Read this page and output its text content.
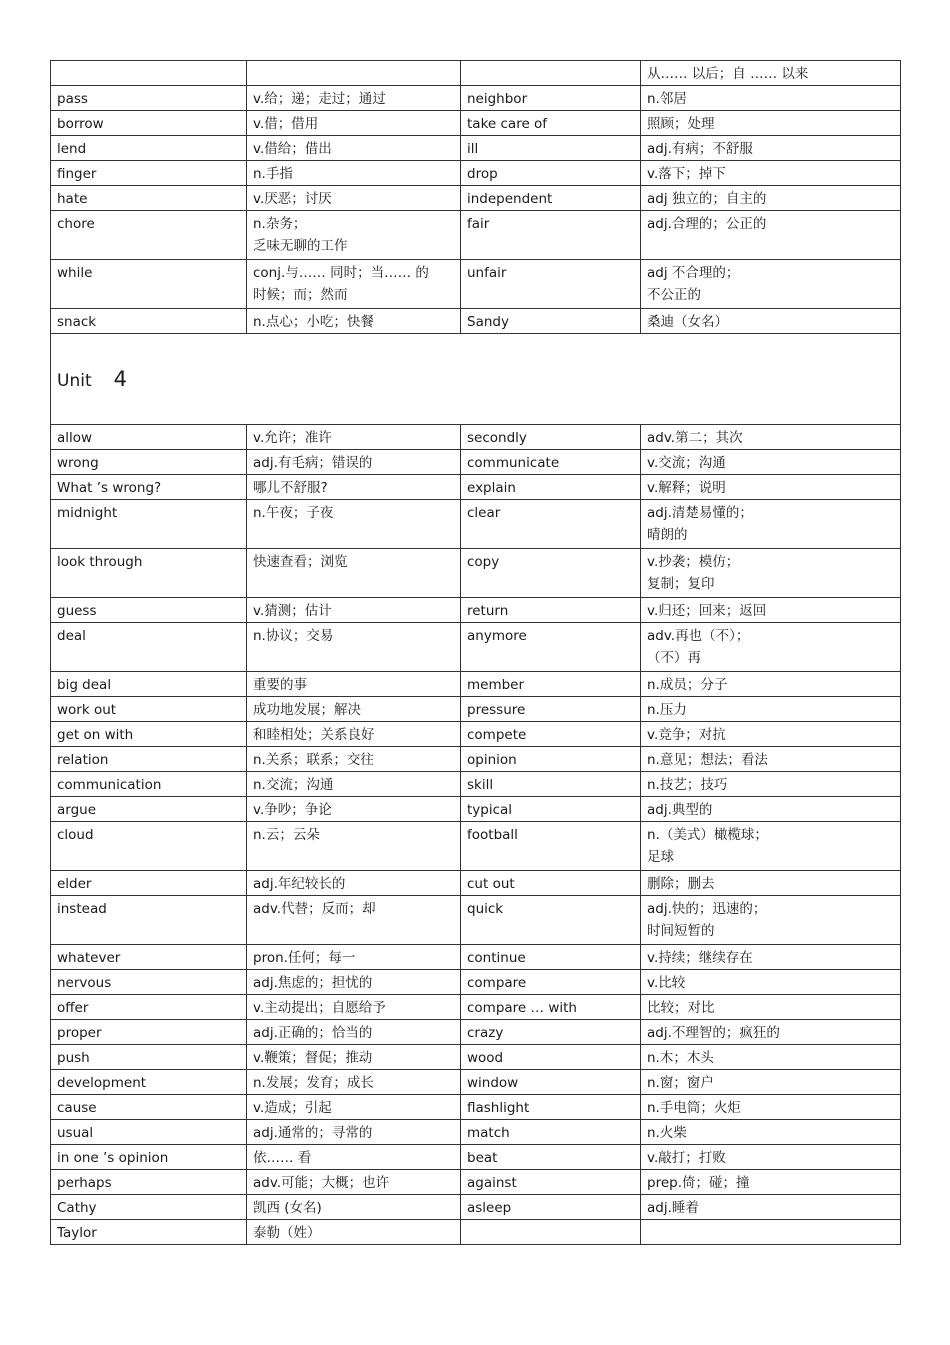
			从…… 以后；自 …… 以来

pass	v.给；递；走过；通过	neighbor	n.邻居

borrow	v.借；借用	take care of	照顾；处理

lend	v.借给；借出	ill	adj.有病；不舒服

finger	n.手指	drop	v.落下；掉下

hate	v.厌恶；讨厌	independent	adj 独立的；自主的

chore	n.杂务；
乏味无聊的工作	fair	adj.合理的；公正的

while	conj.与…… 同时；当…… 的
时候；而；然而	unfair	adj 不合理的；
不公正的

snack	n.点心；小吃；快餐	Sandy	桑迪（女名）

Unit 4			
allow	v.允许；准许	secondly	adv.第二；其次

wrong	adj.有毛病；错误的	communicate	v.交流；沟通

What ’s wrong?	哪儿不舒服?	explain	v.解释；说明

midnight	n.午夜；子夜	clear	adj.清楚易懂的；
晴朗的

look through	快速查看；浏览	copy	v.抄袭；模仿；
复制；复印

guess	v.猜测；估计	return	v.归还；回来；返回

deal	n.协议；交易	anymore	adv.再也（不）；
（不）再

big deal	重要的事	member	n.成员；分子

work out	成功地发展；解决	pressure	n.压力

get on with	和睦相处；关系良好	compete	v.竞争；对抗

relation	n.关系；联系；交往	opinion	n.意见；想法；看法

communication	n.交流；沟通	skill	n.技艺；技巧

argue	v.争吵；争论	typical	adj.典型的

cloud	n.云；云朵	football	n.（美式）橄榄球；
足球

elder	adj.年纪较长的	cut out	删除；删去

instead	adv.代替；反而；却	quick	adj.快的；迅速的；
时间短暂的

whatever	pron.任何；每一	continue	v.持续；继续存在

nervous	adj.焦虑的；担忧的	compare	v.比较

offer	v.主动提出；自愿给予	compare … with	比较；对比

proper	adj.正确的；恰当的	crazy	adj.不理智的；疯狂的

push	v.鞭策；督促；推动	wood	n.木；木头

development	n.发展；发育；成长	window	n.窗；窗户

cause	v.造成；引起	flashlight	n.手电筒；火炬

usual	adj.通常的；寻常的	match	n.火柴

in one ’s opinion	依…… 看	beat	v.敲打；打败

perhaps	adv.可能；大概；也许	against	prep.倚；碰；撞

Cathy	凯西 (女名)	asleep	adj.睡着

Taylor	泰勒（姓）		
